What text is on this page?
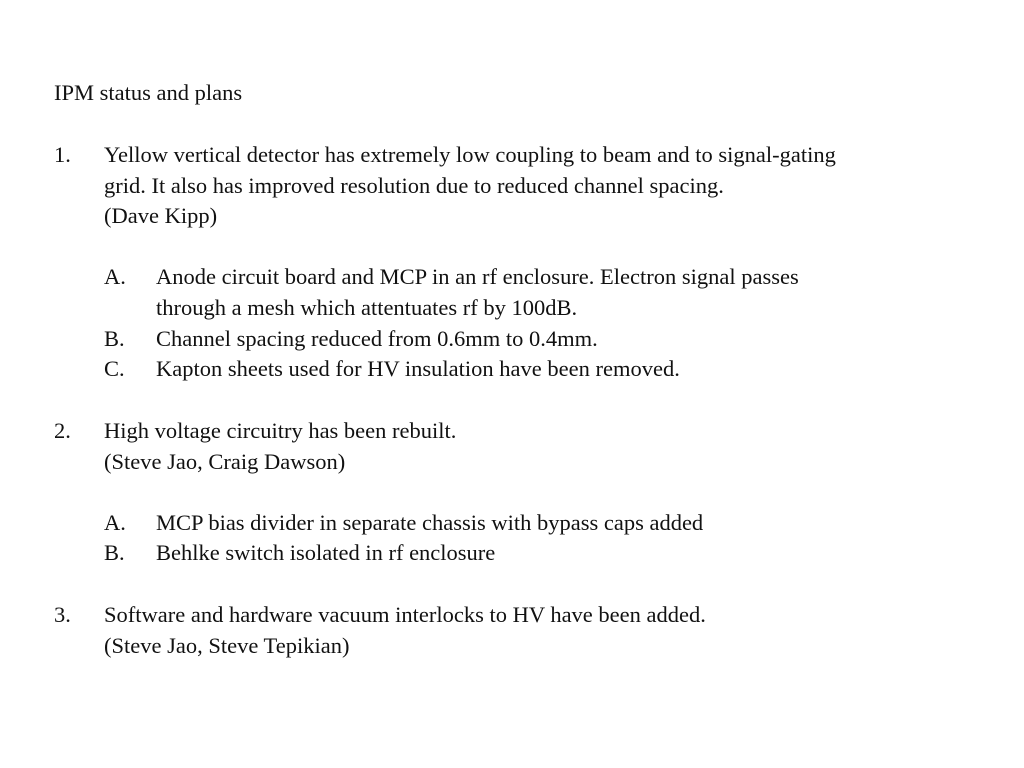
IPM status and plans
1. Yellow vertical detector has extremely low coupling to beam and to signal-gating
grid. It also has improved resolution due to reduced channel spacing.
(Dave Kipp)
A. Anode circuit board and MCP in an rf enclosure. Electron signal passes
through a mesh which attentuates rf by 100dB.
B. Channel spacing reduced from 0.6mm to 0.4mm.
C. Kapton sheets used for HV insulation have been removed.
2. High voltage circuitry has been rebuilt.
(Steve Jao, Craig Dawson)
A. MCP bias divider in separate chassis with bypass caps added
B. Behlke switch isolated in rf enclosure
3. Software and hardware vacuum interlocks to HV have been added.
(Steve Jao, Steve Tepikian)
